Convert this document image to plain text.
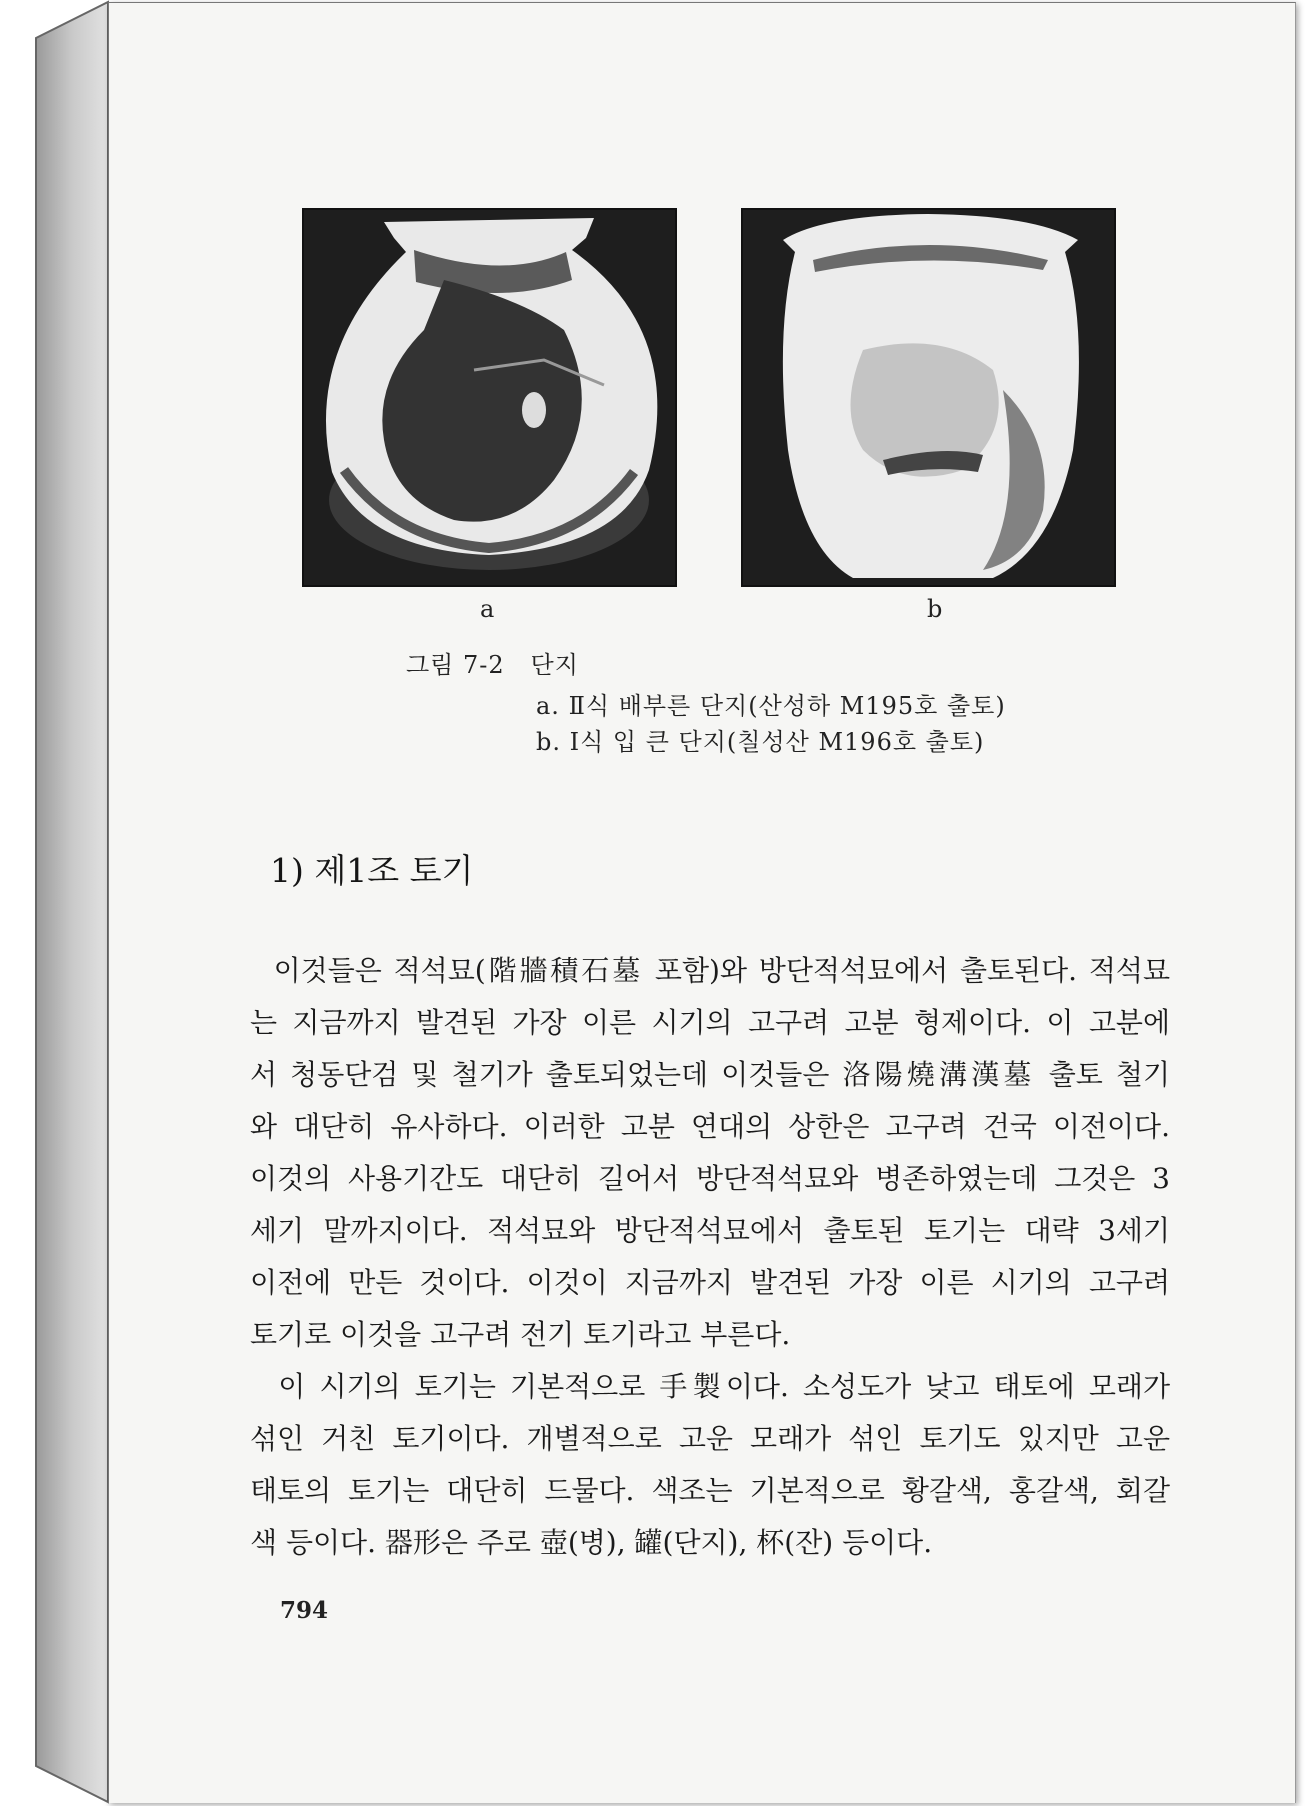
a	b
그림 7-2   단지
a. Ⅱ식 배부른 단지(산성하 M195호 출토)
b. Ⅰ식 입 큰 단지(칠성산 M196호 출토)
1) 제1조 토기

이것들은 적석묘(階牆積石墓 포함)와 방단적석묘에서 출토된다. 적석묘

는 지금까지 발견된 가장 이른 시기의 고구려 고분 형제이다. 이 고분에

서 청동단검 및 철기가 출토되었는데 이것들은 洛陽燒溝漢墓 출토 철기

와 대단히 유사하다. 이러한 고분 연대의 상한은 고구려 건국 이전이다.

이것의 사용기간도 대단히 길어서 방단적석묘와 병존하였는데 그것은 3

세기 말까지이다. 적석묘와 방단적석묘에서 출토된 토기는 대략 3세기

이전에 만든 것이다. 이것이 지금까지 발견된 가장 이른 시기의 고구려

토기로 이것을 고구려 전기 토기라고 부른다.

이 시기의 토기는 기본적으로 手製이다. 소성도가 낮고 태토에 모래가

섞인 거친 토기이다. 개별적으로 고운 모래가 섞인 토기도 있지만 고운

태토의 토기는 대단히 드물다. 색조는 기본적으로 황갈색, 홍갈색, 회갈

색 등이다. 器形은 주로 壺(병), 罐(단지), 杯(잔) 등이다.

794
